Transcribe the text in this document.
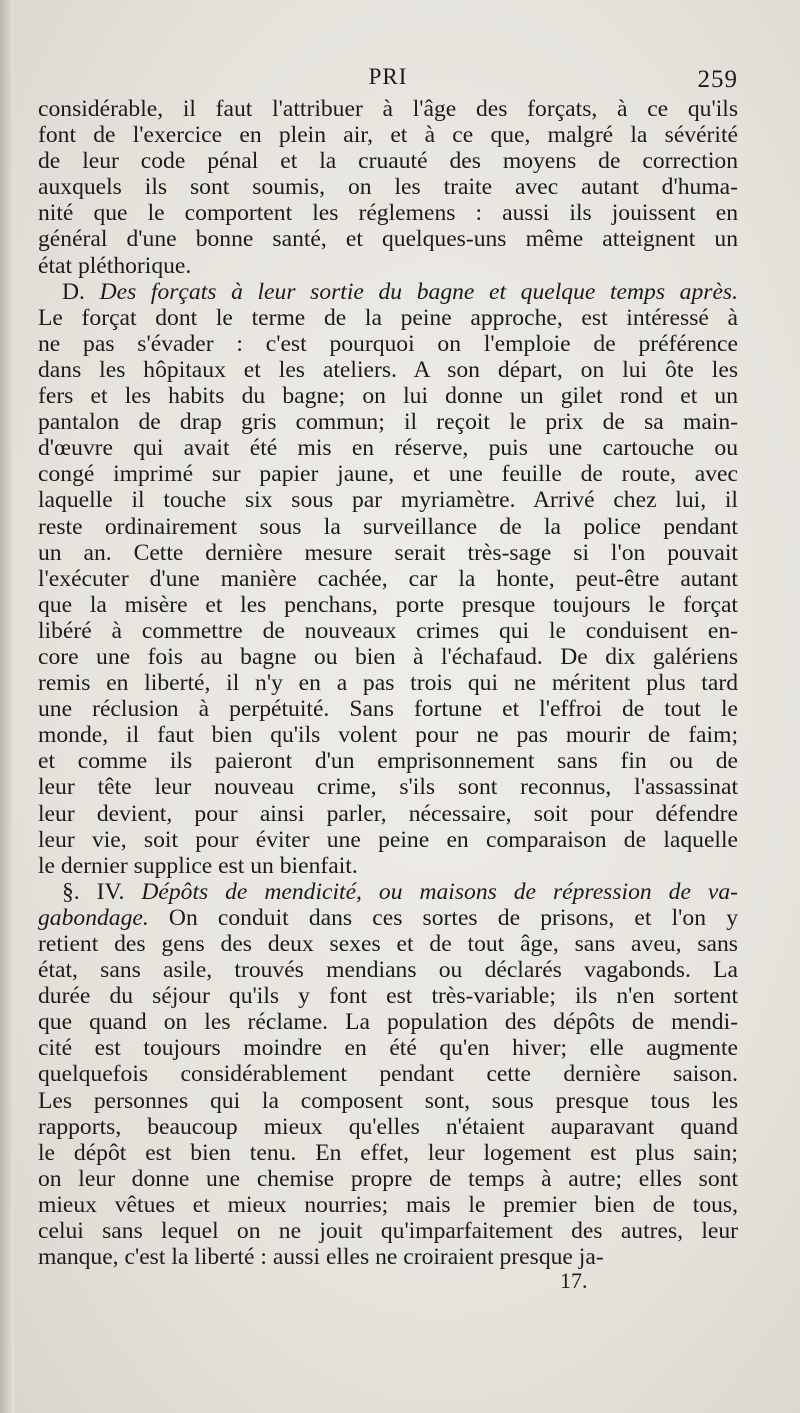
PRI	259
considérable, il faut l'attribuer à l'âge des forçats, à ce qu'ils
font de l'exercice en plein air, et à ce que, malgré la sévérité
de leur code pénal et la cruauté des moyens de correction
auxquels ils sont soumis, on les traite avec autant d'huma-
nité que le comportent les réglemens : aussi ils jouissent en
général d'une bonne santé, et quelques-uns même atteignent un
état pléthorique.
D. Des forçats à leur sortie du bagne et quelque temps après.
Le forçat dont le terme de la peine approche, est intéressé à
ne pas s'évader : c'est pourquoi on l'emploie de préférence
dans les hôpitaux et les ateliers. A son départ, on lui ôte les
fers et les habits du bagne; on lui donne un gilet rond et un
pantalon de drap gris commun; il reçoit le prix de sa main-
d'œuvre qui avait été mis en réserve, puis une cartouche ou
congé imprimé sur papier jaune, et une feuille de route, avec
laquelle il touche six sous par myriamètre. Arrivé chez lui, il
reste ordinairement sous la surveillance de la police pendant
un an. Cette dernière mesure serait très-sage si l'on pouvait
l'exécuter d'une manière cachée, car la honte, peut-être autant
que la misère et les penchans, porte presque toujours le forçat
libéré à commettre de nouveaux crimes qui le conduisent en-
core une fois au bagne ou bien à l'échafaud. De dix galériens
remis en liberté, il n'y en a pas trois qui ne méritent plus tard
une réclusion à perpétuité. Sans fortune et l'effroi de tout le
monde, il faut bien qu'ils volent pour ne pas mourir de faim;
et comme ils paieront d'un emprisonnement sans fin ou de
leur tête leur nouveau crime, s'ils sont reconnus, l'assassinat
leur devient, pour ainsi parler, nécessaire, soit pour défendre
leur vie, soit pour éviter une peine en comparaison de laquelle
le dernier supplice est un bienfait.
§. IV. Dépôts de mendicité, ou maisons de répression de va-
gabondage. On conduit dans ces sortes de prisons, et l'on y
retient des gens des deux sexes et de tout âge, sans aveu, sans
état, sans asile, trouvés mendians ou déclarés vagabonds. La
durée du séjour qu'ils y font est très-variable; ils n'en sortent
que quand on les réclame. La population des dépôts de mendi-
cité est toujours moindre en été qu'en hiver; elle augmente
quelquefois considérablement pendant cette dernière saison.
Les personnes qui la composent sont, sous presque tous les
rapports, beaucoup mieux qu'elles n'étaient auparavant quand
le dépôt est bien tenu. En effet, leur logement est plus sain;
on leur donne une chemise propre de temps à autre; elles sont
mieux vêtues et mieux nourries; mais le premier bien de tous,
celui sans lequel on ne jouit qu'imparfaitement des autres, leur
manque, c'est la liberté : aussi elles ne croiraient presque ja-
17.
